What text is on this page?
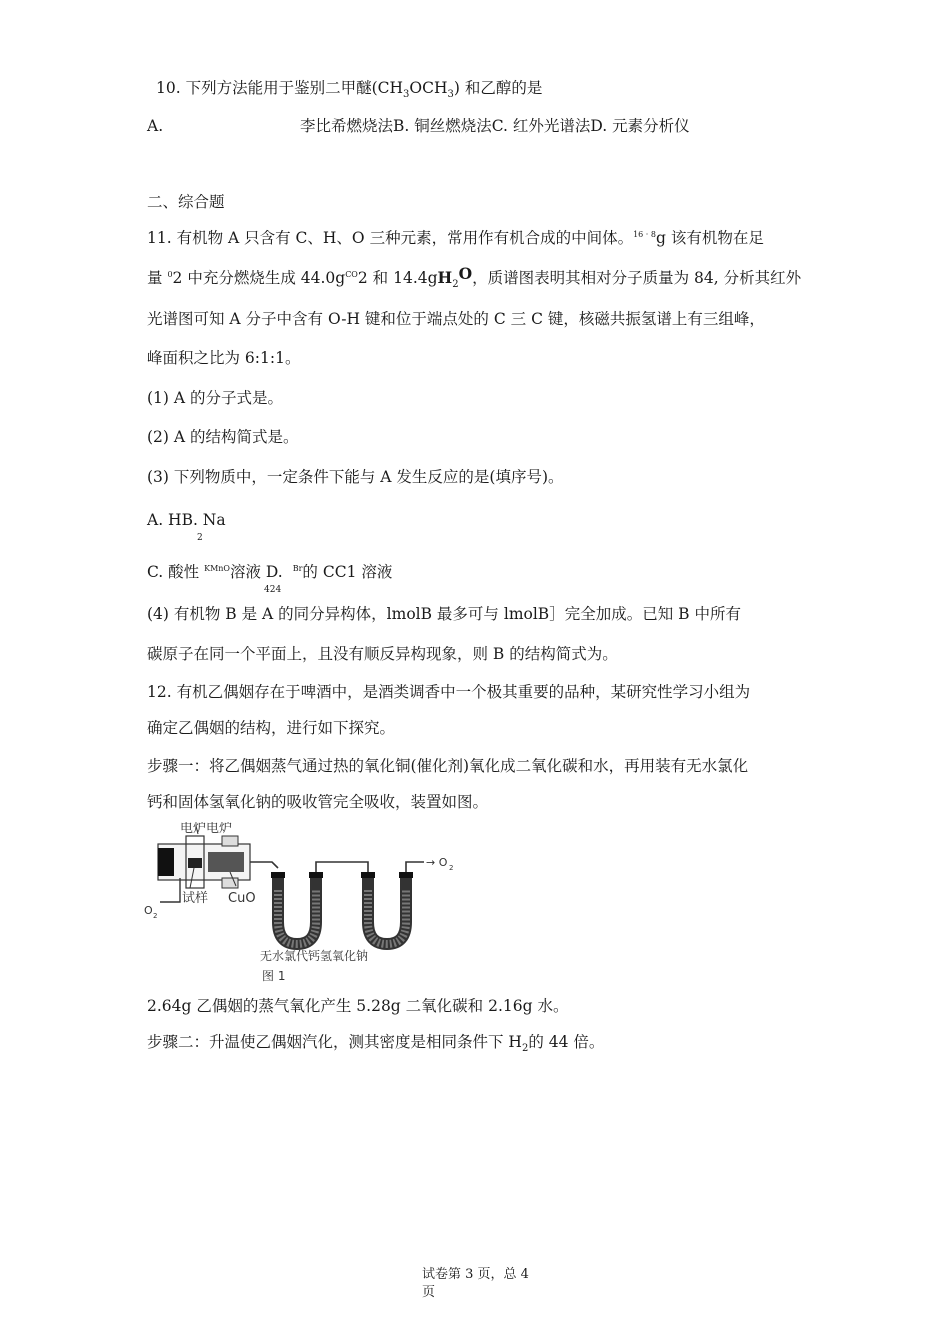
10. 下列方法能用于鉴别二甲醚$(CH_3OCH_3)$ 和乙醇的是
A.	李比希燃烧法B. 铜丝燃烧法C. 红外光谱法D. 元素分析仪
二、综合题
11. 有机物 A 只含有 C、H、O 三种元素，常用作有机合成的中间体。$^{16 \cdot 8}$g 该有机物在足
量 $^0$2 中充分燃烧生成 $44.0g^{CO}2$ 和 $14.4gH_2O$，质谱图表明其相对分子质量为 84, 分析其红外
光谱图可知 A 分子中含有 O-H 键和位于端点处的 C 三 C 键，核磁共振氢谱上有三组峰，
峰面积之比为 6:1:1。
(1) A 的分子式是。
(2) A 的结构简式是。
(3) 下列物质中，一定条件下能与 A 发生反应的是(填序号)。
A. HB. Na
2
C. 酸性 $^{KMnO}$溶液 D. $^{Br}$的 CC1 溶液
424
(4) 有机物 B 是 A 的同分异构体，lmolB 最多可与 lmolB］完全加成。已知 B 中所有
碳原子在同一个平面上，且没有顺反异构现象，则 B 的结构简式为。
12. 有机乙偶姻存在于啤酒中，是酒类调香中一个极其重要的品种，某研究性学习小组为
确定乙偶姻的结构，进行如下探究。
步骤一：将乙偶姻蒸气通过热的氧化铜(催化剂)氧化成二氧化碳和水，再用装有无水氯化
钙和固体氢氧化钠的吸收管完全吸收，装置如图。
电炉电炉
试样 CuO
O 2
→ O 2
无水氯代钙氢氧化钠
图 1
2.64g 乙偶姻的蒸气氧化产生 5.28g 二氧化碳和 2.16g 水。
步骤二：升温使乙偶姻汽化，测其密度是相同条件下 $H_2$的 44 倍。
试卷第 3 页，总 4
页
